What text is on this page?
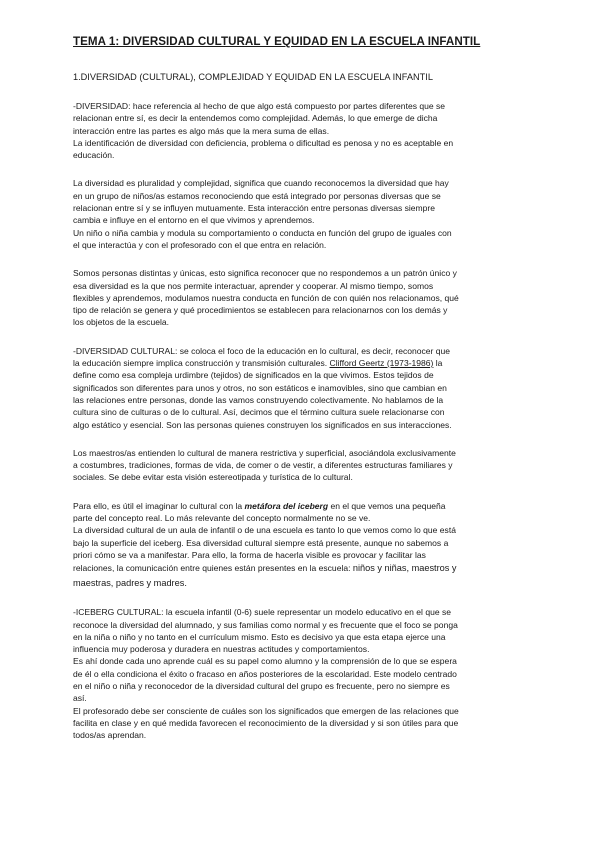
TEMA 1: DIVERSIDAD CULTURAL Y EQUIDAD EN LA ESCUELA INFANTIL
1.DIVERSIDAD (CULTURAL), COMPLEJIDAD Y EQUIDAD EN LA ESCUELA INFANTIL
-DIVERSIDAD: hace referencia al hecho de que algo está compuesto por partes diferentes que se
relacionan entre sí, es decir la entendemos como complejidad. Además, lo que emerge de dicha
interacción entre las partes es algo más que la mera suma de ellas.
La identificación de diversidad con deficiencia, problema o dificultad es penosa y no es aceptable en
educación.
La diversidad es pluralidad y complejidad, significa que cuando reconocemos la diversidad que hay
en un grupo de niños/as estamos reconociendo que está integrado por personas diversas que se
relacionan entre sí y se influyen mutuamente. Esta interacción entre personas diversas siempre
cambia e influye en el entorno en el que vivimos y aprendemos.
Un niño o niña cambia y modula su comportamiento o conducta en función del grupo de iguales con
el que interactúa y con el profesorado con el que entra en relación.
Somos personas distintas y únicas, esto significa reconocer que no respondemos a un patrón único y
esa diversidad es la que nos permite interactuar, aprender y cooperar. Al mismo tiempo, somos
flexibles y aprendemos, modulamos nuestra conducta en función de con quién nos relacionamos, qué
tipo de relación se genera y qué procedimientos se establecen para relacionarnos con los demás y
los objetos de la escuela.
-DIVERSIDAD CULTURAL: se coloca el foco de la educación en lo cultural, es decir, reconocer que
la educación siempre implica construcción y transmisión culturales. Clifford Geertz (1973-1986) la
define como esa compleja urdimbre (tejidos) de significados en la que vivimos. Estos tejidos de
significados son diferentes para unos y otros, no son estáticos e inamovibles, sino que cambian en
las relaciones entre personas, donde las vamos construyendo colectivamente. No hablamos de la
cultura sino de culturas o de lo cultural. Así, decimos que el término cultura suele relacionarse con
algo estático y esencial. Son las personas quienes construyen los significados en sus interacciones.
Los maestros/as entienden lo cultural de manera restrictiva y superficial, asociándola exclusivamente
a costumbres, tradiciones, formas de vida, de comer o de vestir, a diferentes estructuras familiares y
sociales. Se debe evitar esta visión estereotipada y turística de lo cultural.
Para ello, es útil el imaginar lo cultural con la metáfora del iceberg en el que vemos una pequeña
parte del concepto real. Lo más relevante del concepto normalmente no se ve.
La diversidad cultural de un aula de infantil o de una escuela es tanto lo que vemos como lo que está
bajo la superficie del iceberg. Esa diversidad cultural siempre está presente, aunque no sabemos a
priori cómo se va a manifestar. Para ello, la forma de hacerla visible es provocar y facilitar las
relaciones, la comunicación entre quienes están presentes en la escuela: niños y niñas, maestros y
maestras, padres y madres.
-ICEBERG CULTURAL: la escuela infantil (0-6) suele representar un modelo educativo en el que se
reconoce la diversidad del alumnado, y sus familias como normal y es frecuente que el foco se ponga
en la niña o niño y no tanto en el currículum mismo. Esto es decisivo ya que esta etapa ejerce una
influencia muy poderosa y duradera en nuestras actitudes y comportamientos.
Es ahí donde cada uno aprende cuál es su papel como alumno y la comprensión de lo que se espera
de él o ella condiciona el éxito o fracaso en años posteriores de la escolaridad. Este modelo centrado
en el niño o niña y reconocedor de la diversidad cultural del grupo es frecuente, pero no siempre es
así.
El profesorado debe ser consciente de cuáles son los significados que emergen de las relaciones que
facilita en clase y en qué medida favorecen el reconocimiento de la diversidad y si son útiles para que
todos/as aprendan.
